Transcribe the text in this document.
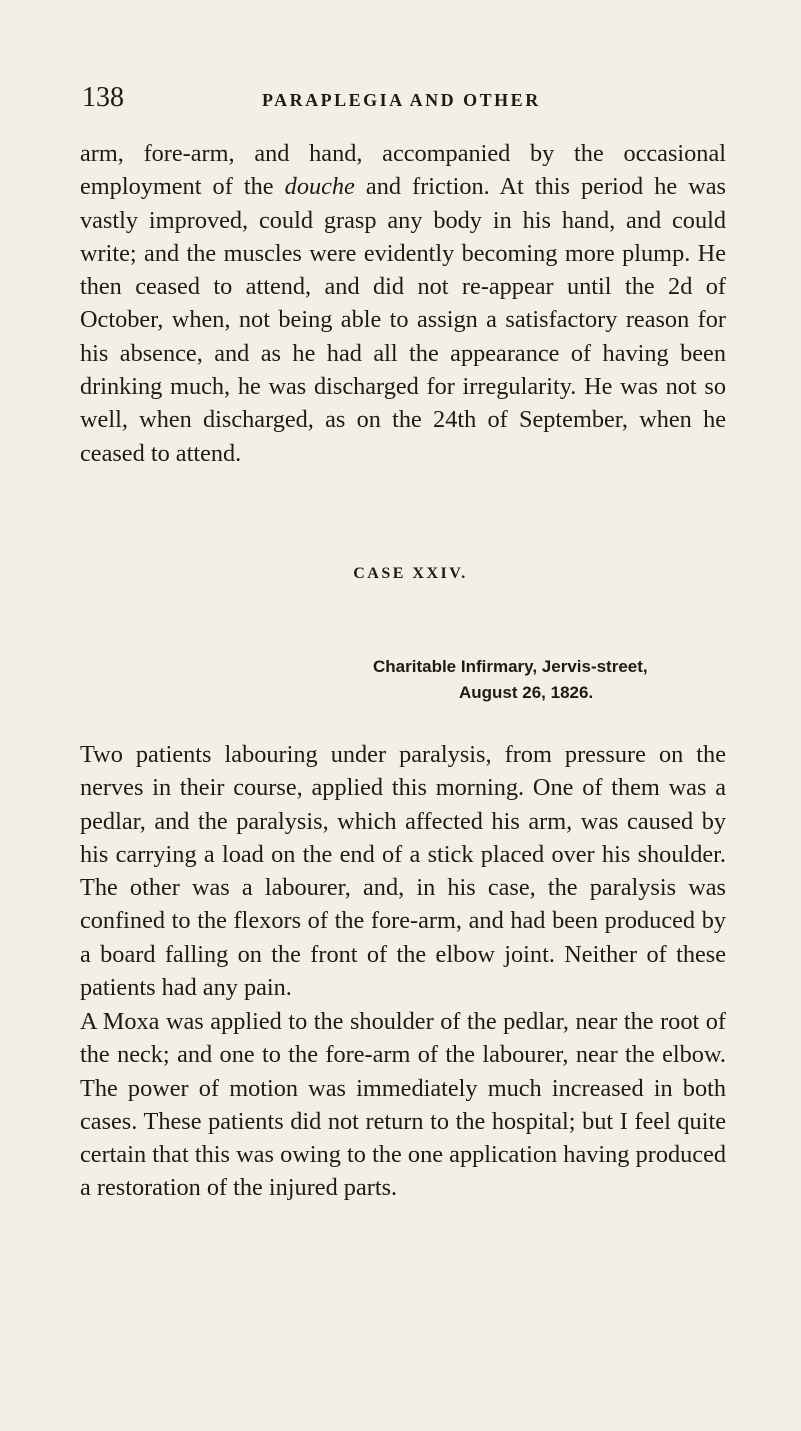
138	PARAPLEGIA AND OTHER

arm, fore-arm, and hand, accompanied by the occasional employment of the douche and friction. At this period he was vastly improved, could grasp any body in his hand, and could write; and the muscles were evidently becoming more plump. He then ceased to attend, and did not re-appear until the 2d of October, when, not being able to assign a satisfactory reason for his absence, and as he had all the appearance of having been drinking much, he was discharged for irregularity. He was not so well, when discharged, as on the 24th of September, when he ceased to attend.

CASE XXIV.
Charitable Infirmary, Jervis-street,
August 26, 1826.

Two patients labouring under paralysis, from pressure on the nerves in their course, applied this morning. One of them was a pedlar, and the paralysis, which affected his arm, was caused by his carrying a load on the end of a stick placed over his shoulder. The other was a labourer, and, in his case, the paralysis was confined to the flexors of the fore-arm, and had been produced by a board falling on the front of the elbow joint. Neither of these patients had any pain.

A Moxa was applied to the shoulder of the pedlar, near the root of the neck; and one to the fore-arm of the labourer, near the elbow. The power of motion was immediately much increased in both cases. These patients did not return to the hospital; but I feel quite certain that this was owing to the one application having produced a restoration of the injured parts.
